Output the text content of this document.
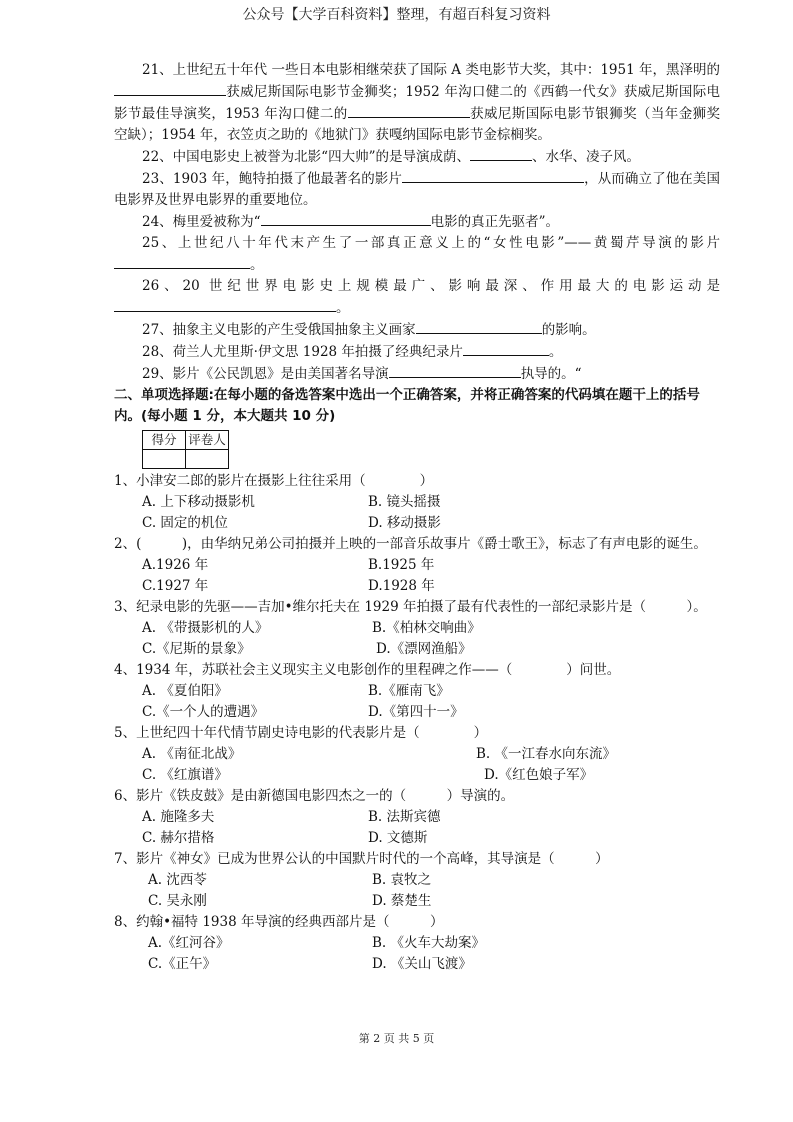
公众号【大学百科资料】整理，有超百科复习资料

21、上世纪五十年代 一些日本电影相继荣获了国际 A 类电影节大奖，其中：1951 年，黑泽明的获威尼斯国际电影节金狮奖；1952 年沟口健二的《西鹤一代女》获威尼斯国际电影节最佳导演奖，1953 年沟口健二的	获威尼斯国际电影节银狮奖（当年金狮奖空缺）；1954 年，衣笠贞之助的《地狱门》获嘎纳国际电影节金棕榈奖。

22、中国电影史上被誉为北影“四大帅”的是导演成荫、	、水华、凌子风。

23、1903 年，鲍特拍摄了他最著名的影片	，从而确立了他在美国电影界及世界电影界的重要地位。

24、梅里爱被称为“	电影的真正先驱者”。

25、上世纪八十年代末产生了一部真正意义上的“女性电影”——黄蜀芹导演的影片。

26、20 世纪世界电影史上规模最广、影响最深、作用最大的电影运动是。

27、抽象主义电影的产生受俄国抽象主义画家	的影响。

28、荷兰人尤里斯·伊文思 1928 年拍摄了经典纪录片	。

29、影片《公民凯恩》是由美国著名导演	执导的。“

二、单项选择题:在每小题的备选答案中选出一个正确答案，并将正确答案的代码填在题干上的括号内。(每小题 1 分，本大题共 10 分)

得分	评卷人

1、小津安二郎的影片在摄影上往往采用（　　　　）

A. 上下移动摄影机	B. 镜头摇摄
C. 固定的机位	D. 移动摄影

2、(　　　)，由华纳兄弟公司拍摄并上映的一部音乐故事片《爵士歌王》，标志了有声电影的诞生。

A.1926 年	B.1925 年
C.1927 年	D.1928 年

3、纪录电影的先驱——吉加•维尔托夫在 1929 年拍摄了最有代表性的一部纪录影片是（　　　）。

A. 《带摄影机的人》	B.《柏林交响曲》
C.《尼斯的景象》	D.《漂网渔船》

4、1934 年，苏联社会主义现实主义电影创作的里程碑之作——（　　　　）问世。

A. 《夏伯阳》	B.《雁南飞》
C.《一个人的遭遇》	D.《第四十一》

5、上世纪四十年代情节剧史诗电影的代表影片是（　　　　）

A. 《南征北战》	B. 《一江春水向东流》
C. 《红旗谱》	D.《红色娘子军》

6、影片《铁皮鼓》是由新德国电影四杰之一的（　　　）导演的。

A. 施隆多夫	B. 法斯宾德
C. 赫尔措格	D. 文德斯

7、影片《神女》已成为世界公认的中国默片时代的一个高峰，其导演是（　　　）

A. 沈西苓	B. 袁牧之
C. 吴永刚	D. 蔡楚生

8、约翰•福特 1938 年导演的经典西部片是（　　　）

A.《红河谷》	B. 《火车大劫案》
C.《正午》	D. 《关山飞渡》
第 2 页 共 5 页
